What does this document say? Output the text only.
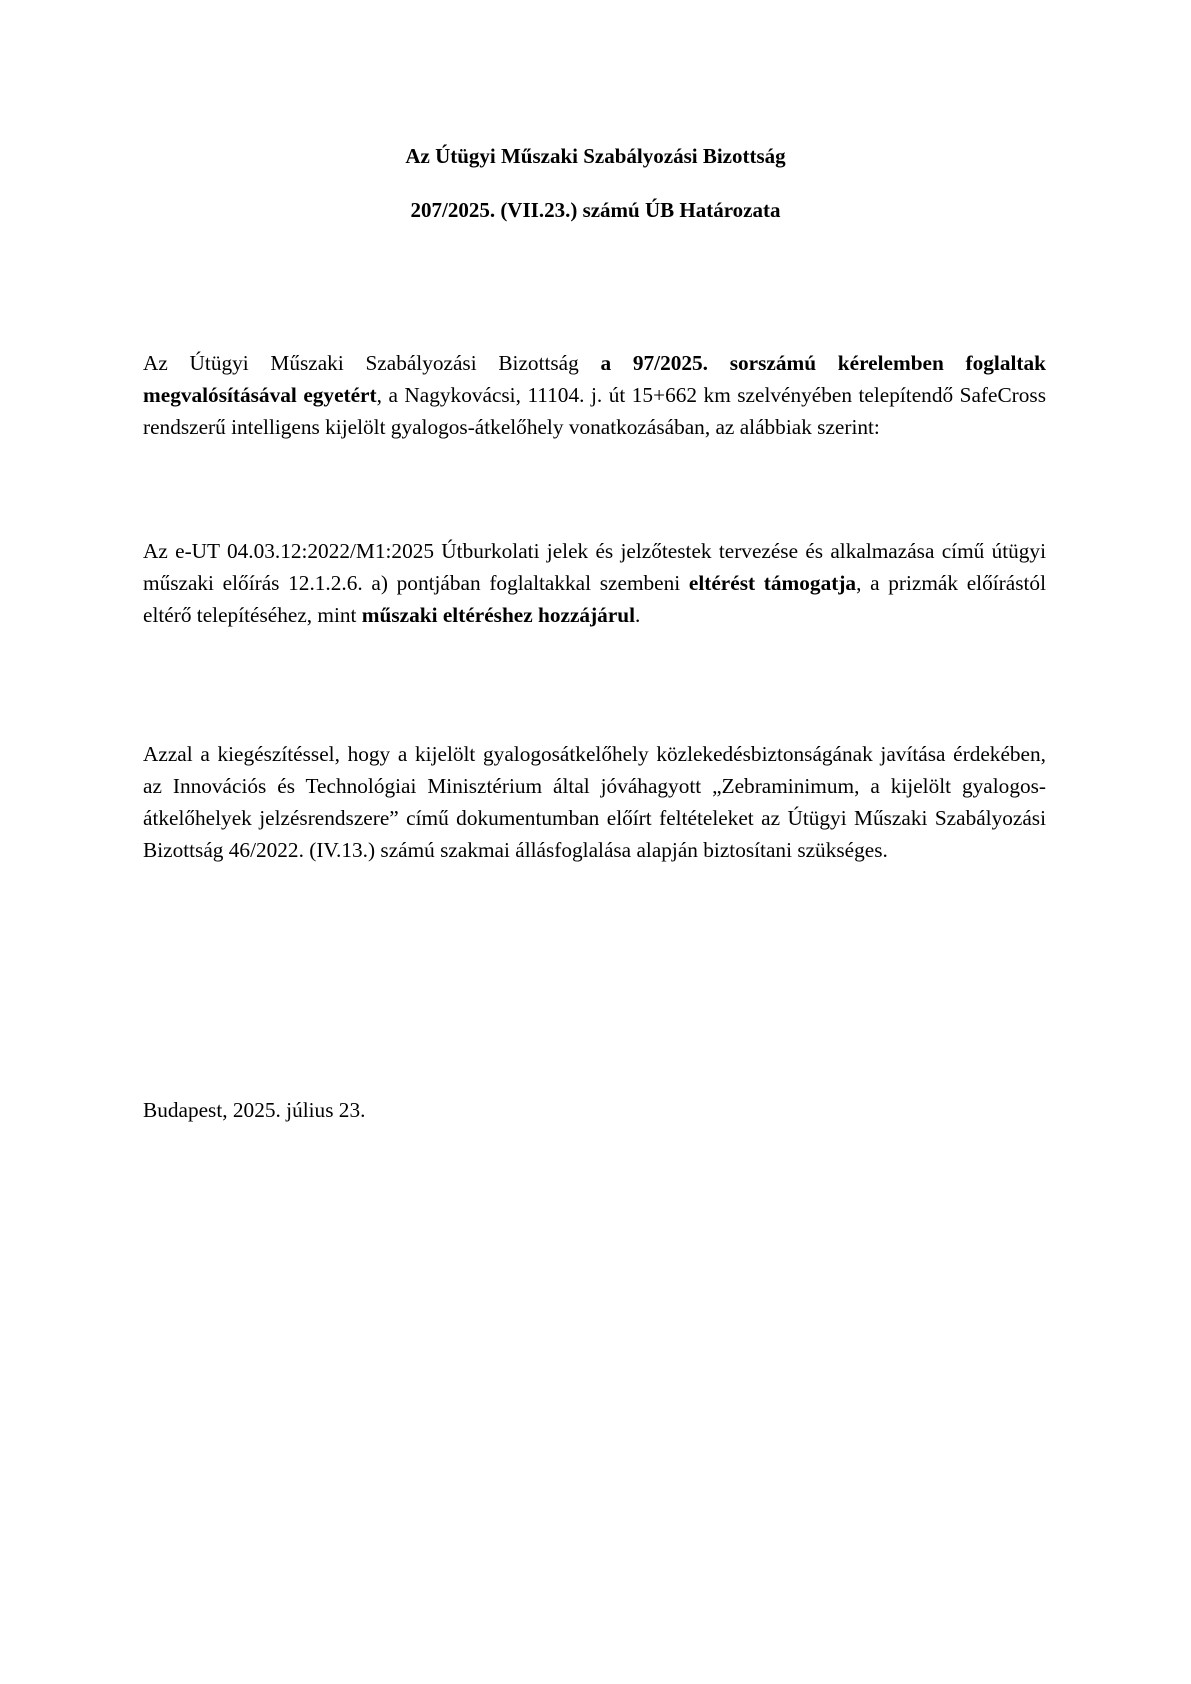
Az Útügyi Műszaki Szabályozási Bizottság
207/2025. (VII.23.) számú ÚB Határozata

Az Útügyi Műszaki Szabályozási Bizottság a 97/2025. sorszámú kérelemben foglaltak megvalósításával egyetért, a Nagykovácsi, 11104. j. út 15+662 km szelvényében telepítendő SafeCross rendszerű intelligens kijelölt gyalogos-átkelőhely vonatkozásában, az alábbiak szerint:

Az e-UT 04.03.12:2022/M1:2025 Útburkolati jelek és jelzőtestek tervezése és alkalmazása című útügyi műszaki előírás 12.1.2.6. a) pontjában foglaltakkal szembeni eltérést támogatja, a prizmák előírástól eltérő telepítéséhez, mint műszaki eltéréshez hozzájárul.

Azzal a kiegészítéssel, hogy a kijelölt gyalogosátkelőhely közlekedésbiztonságának javítása érdekében, az Innovációs és Technológiai Minisztérium által jóváhagyott „Zebraminimum, a kijelölt gyalogos-átkelőhelyek jelzésrendszere” című dokumentumban előírt feltételeket az Útügyi Műszaki Szabályozási Bizottság 46/2022. (IV.13.) számú szakmai állásfoglalása alapján biztosítani szükséges.

Budapest, 2025. július 23.
